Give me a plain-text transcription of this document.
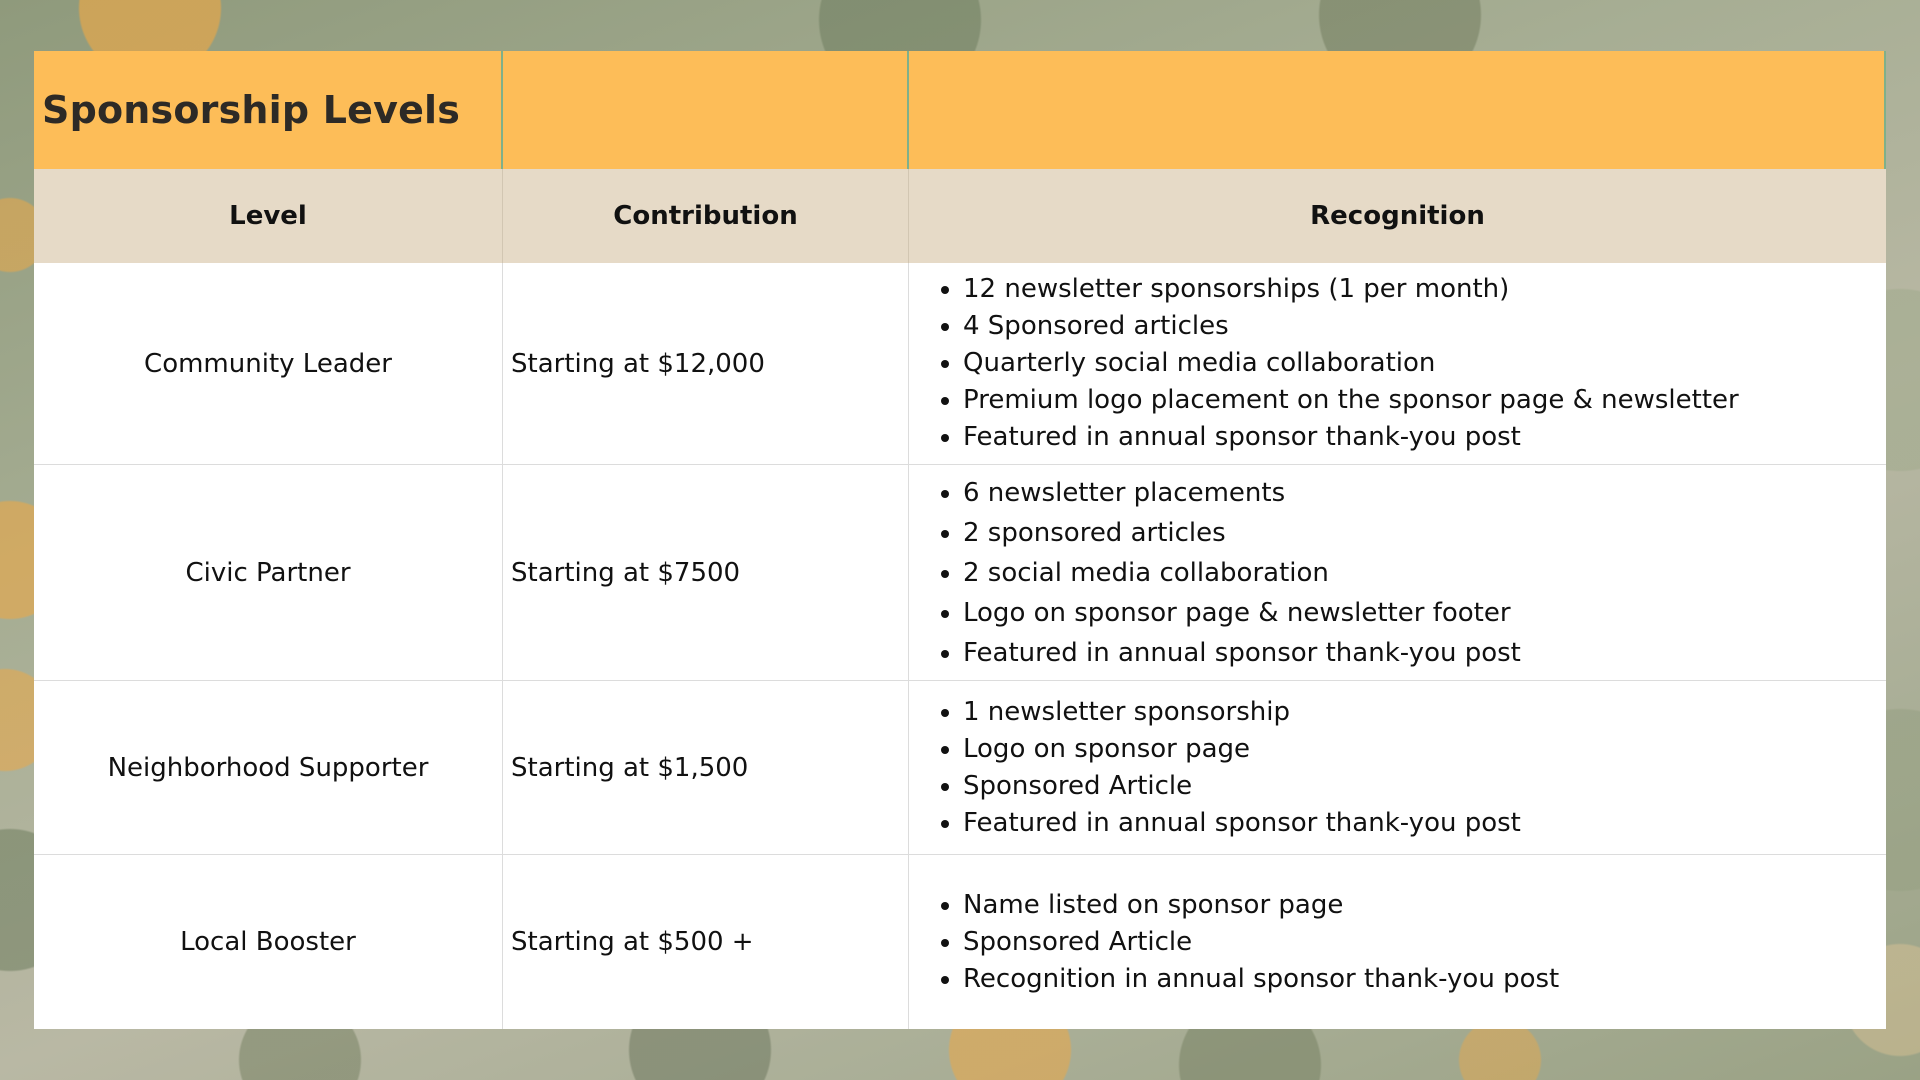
Sponsorship Levels
Level	Contribution	Recognition
Community Leader	Starting at $12,000
• 12 newsletter sponsorships (1 per month)
• 4 Sponsored articles
• Quarterly social media collaboration
• Premium logo placement on the sponsor page & newsletter
• Featured in annual sponsor thank-you post
Civic Partner	Starting at $7500
• 6 newsletter placements
• 2 sponsored articles
• 2 social media collaboration
• Logo on sponsor page & newsletter footer
• Featured in annual sponsor thank-you post
Neighborhood Supporter	Starting at $1,500
• 1 newsletter sponsorship
• Logo on sponsor page
• Sponsored Article
• Featured in annual sponsor thank-you post
Local Booster	Starting at $500 +
• Name listed on sponsor page
• Sponsored Article
• Recognition in annual sponsor thank-you post
